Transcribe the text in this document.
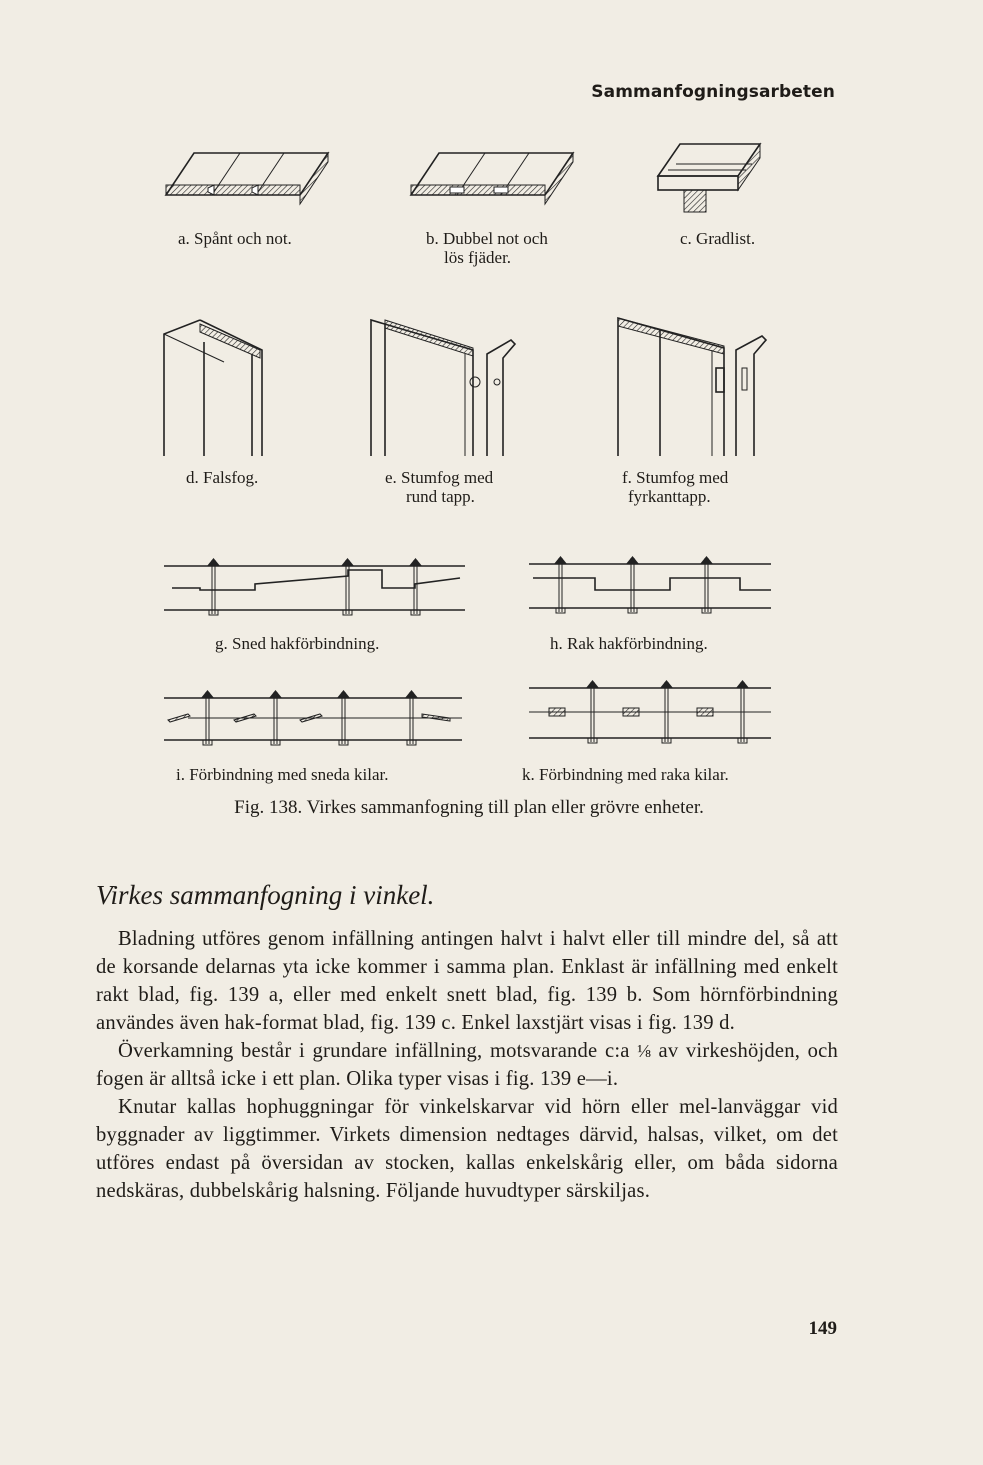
Sammanfogningsarbeten
a. Spånt och not.	b. Dubbel not och
lös fjäder.
c. Gradlist.
d. Falsfog.	e. Stumfog med
rund tapp.
f. Stumfog med
fyrkanttapp.
g. Sned hakförbindning.	h. Rak hakförbindning.
i. Förbindning med sneda kilar.	k. Förbindning med raka kilar.
Fig. 138. Virkes sammanfogning till plan eller grövre enheter.
Virkes sammanfogning i vinkel.

Bladning utföres genom infällning antingen halvt i halvt eller till mindre del, så att de korsande delarnas yta icke kommer i samma plan. Enklast är infällning med enkelt rakt blad, fig. 139 a, eller med enkelt snett blad, fig. 139 b. Som hörnförbindning användes även hak-format blad, fig. 139 c. Enkel laxstjärt visas i fig. 139 d.

Överkamning består i grundare infällning, motsvarande c:a ⅛ av virkeshöjden, och fogen är alltså icke i ett plan. Olika typer visas i fig. 139 e—i.

Knutar kallas hophuggningar för vinkelskarvar vid hörn eller mel-lanväggar vid byggnader av liggtimmer. Virkets dimension nedtages därvid, halsas, vilket, om det utföres endast på översidan av stocken, kallas enkelskårig eller, om båda sidorna nedskäras, dubbelskårig halsning. Följande huvudtyper särskiljas.

149
